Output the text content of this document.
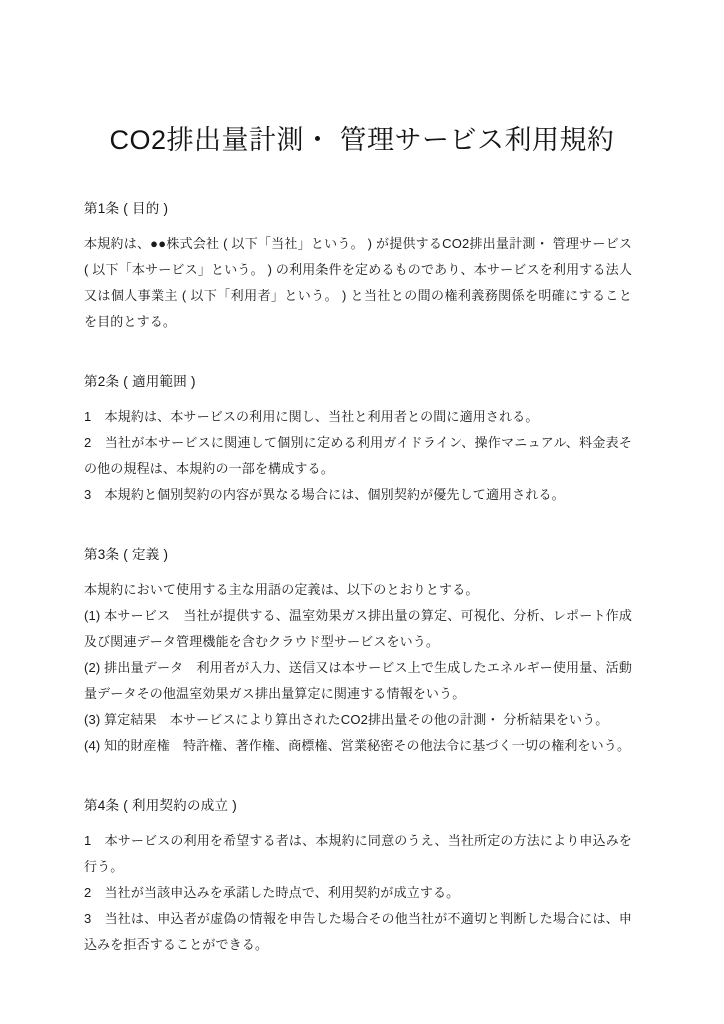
CO2排出量計測・ 管理サービス利用規約
第1条 ( 目的 )

本規約は、●●株式会社 ( 以下「当社」という。 ) が提供するCO2排出量計測・ 管理サービス ( 以下「本サービス」という。 ) の利用条件を定めるものであり、本サービスを利用する法人又は個人事業主 ( 以下「利用者」という。 ) と当社との間の権利義務関係を明確にすることを目的とする。

第2条 ( 適用範囲 )

1　本規約は、本サービスの利用に関し、当社と利用者との間に適用される。

2　当社が本サービスに関連して個別に定める利用ガイドライン、操作マニュアル、料金表その他の規程は、本規約の一部を構成する。

3　本規約と個別契約の内容が異なる場合には、個別契約が優先して適用される。

第3条 ( 定義 )

本規約において使用する主な用語の定義は、以下のとおりとする。

(1) 本サービス　当社が提供する、温室効果ガス排出量の算定、可視化、分析、レポート作成及び関連データ管理機能を含むクラウド型サービスをいう。

(2) 排出量データ　利用者が入力、送信又は本サービス上で生成したエネルギー使用量、活動量データその他温室効果ガス排出量算定に関連する情報をいう。

(3) 算定結果　本サービスにより算出されたCO2排出量その他の計測・ 分析結果をいう。

(4) 知的財産権　特許権、著作権、商標権、営業秘密その他法令に基づく一切の権利をいう。

第4条 ( 利用契約の成立 )

1　本サービスの利用を希望する者は、本規約に同意のうえ、当社所定の方法により申込みを行う。

2　当社が当該申込みを承諾した時点で、利用契約が成立する。

3　当社は、申込者が虚偽の情報を申告した場合その他当社が不適切と判断した場合には、申込みを拒否することができる。
